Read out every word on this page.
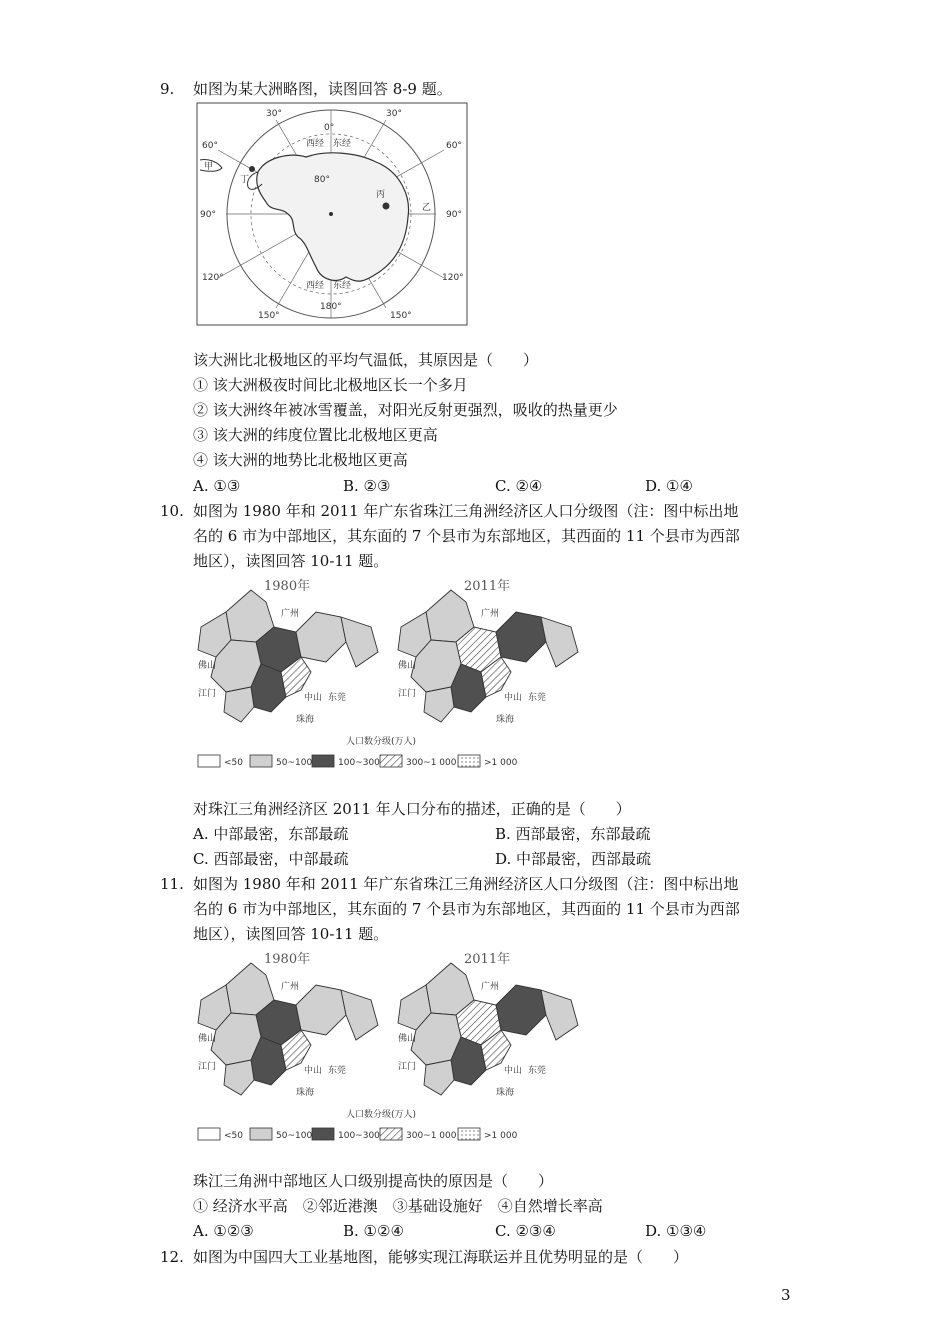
9.	如图为某大洲略图，读图回答 8-9 题。
甲
0°
30°	30°
60°	60°
90°	90°
120°	120°
150°	150°
180°
西经 东经
西经 东经
80°
丙
乙
丁
该大洲比北极地区的平均气温低，其原因是（　　）
① 该大洲极夜时间比北极地区长一个多月
② 该大洲终年被冰雪覆盖，对阳光反射更强烈，吸收的热量更少
③ 该大洲的纬度位置比北极地区更高
④ 该大洲的地势比北极地区更高
A. ①③	B. ②③	C. ②④	D. ①④
10. 如图为 1980 年和 2011 年广东省珠江三角洲经济区人口分级图（注：图中标出地
名的 6 市为中部地区，其东面的 7 个县市为东部地区，其西面的 11 个县市为西部
地区），读图回答 10-11 题。
1980年
广州
佛山
江门	中山 东莞
珠海
2011年
广州
佛山
江门	中山 东莞
珠海
人口数分级(万人)
<50	50~100	100~300	300~1 000	>1 000
对珠江三角洲经济区 2011 年人口分布的描述，正确的是（　　）
A. 中部最密，东部最疏	B. 西部最密，东部最疏
C. 西部最密，中部最疏	D. 中部最密，西部最疏
11. 如图为 1980 年和 2011 年广东省珠江三角洲经济区人口分级图（注：图中标出地
名的 6 市为中部地区，其东面的 7 个县市为东部地区，其西面的 11 个县市为西部
地区），读图回答 10-11 题。
1980年
广州
佛山
江门	中山 东莞
珠海
2011年
广州
佛山
江门	中山 东莞
珠海
人口数分级(万人)
<50	50~100	100~300	300~1 000	>1 000
珠江三角洲中部地区人口级别提高快的原因是（　　）
① 经济水平高　②邻近港澳　③基础设施好　④自然增长率高
A. ①②③	B. ①②④	C. ②③④	D. ①③④
12. 如图为中国四大工业基地图，能够实现江海联运并且优势明显的是（　　）
3
